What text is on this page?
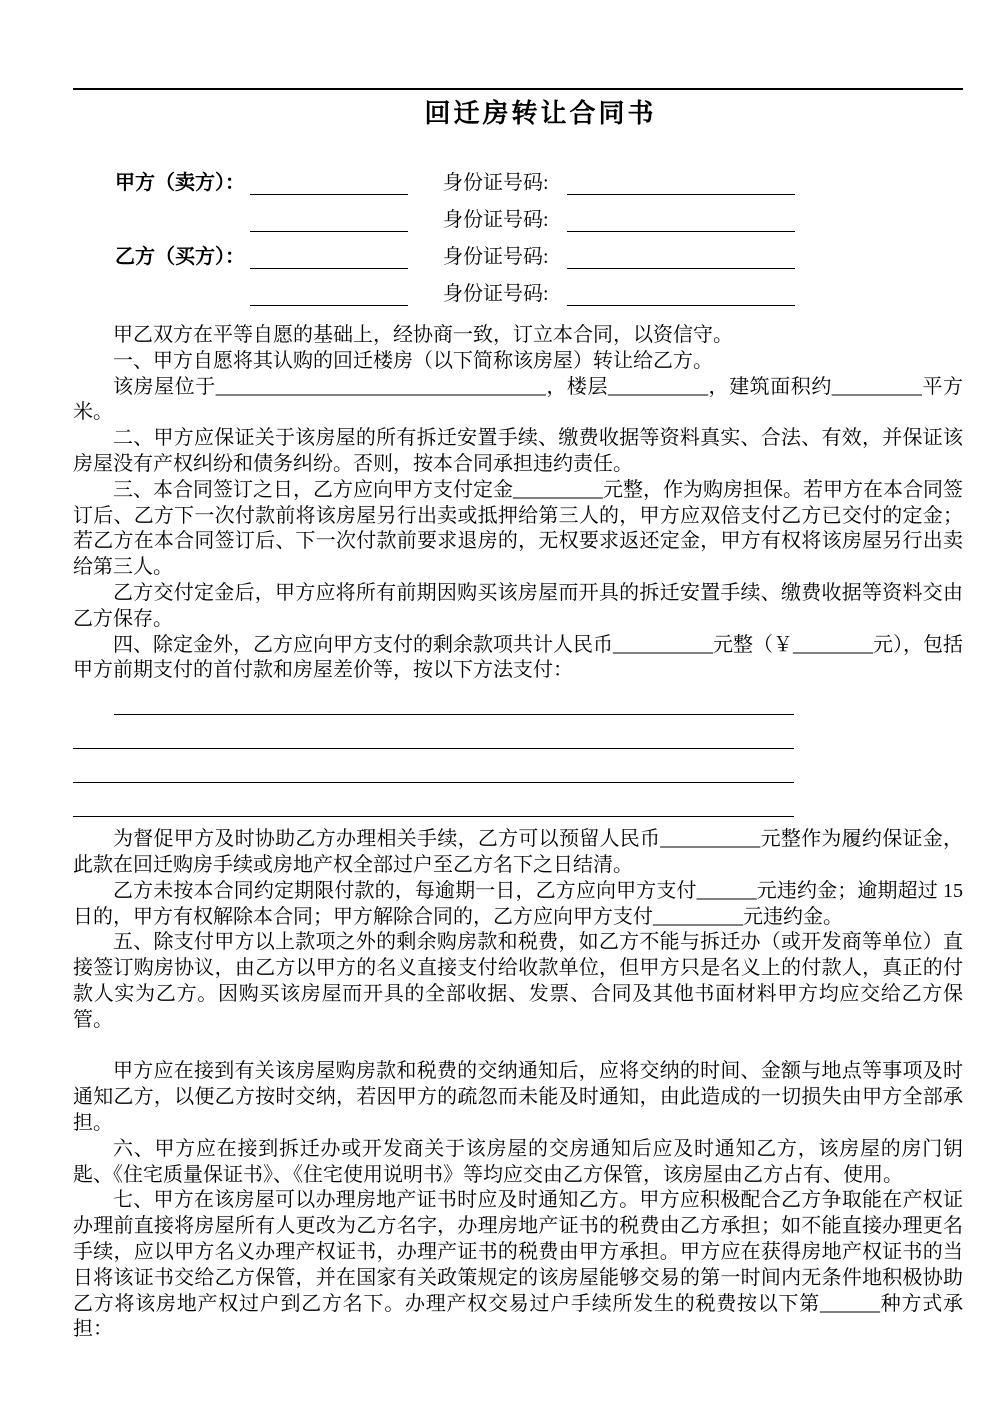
回迁房转让合同书
甲方（卖方）：	身份证号码:
身份证号码:
乙方（买方）：	身份证号码:
身份证号码:

甲乙双方在平等自愿的基础上，经协商一致，订立本合同，以资信守。

一、甲方自愿将其认购的回迁楼房（以下简称该房屋）转让给乙方。

该房屋位于_________________________________，楼层__________，建筑面积约_________平方米。

二、甲方应保证关于该房屋的所有拆迁安置手续、缴费收据等资料真实、合法、有效，并保证该房屋没有产权纠纷和债务纠纷。否则，按本合同承担违约责任。

三、本合同签订之日，乙方应向甲方支付定金_________元整，作为购房担保。若甲方在本合同签订后、乙方下一次付款前将该房屋另行出卖或抵押给第三人的，甲方应双倍支付乙方已交付的定金；若乙方在本合同签订后、下一次付款前要求退房的，无权要求返还定金，甲方有权将该房屋另行出卖给第三人。

乙方交付定金后，甲方应将所有前期因购买该房屋而开具的拆迁安置手续、缴费收据等资料交由乙方保存。

四、除定金外，乙方应向甲方支付的剩余款项共计人民币__________元整（￥________元），包括甲方前期支付的首付款和房屋差价等，按以下方法支付：

为督促甲方及时协助乙方办理相关手续，乙方可以预留人民币__________元整作为履约保证金，此款在回迁购房手续或房地产权全部过户至乙方名下之日结清。

乙方未按本合同约定期限付款的，每逾期一日，乙方应向甲方支付______元违约金；逾期超过 15 日的，甲方有权解除本合同；甲方解除合同的，乙方应向甲方支付_________元违约金。

五、除支付甲方以上款项之外的剩余购房款和税费，如乙方不能与拆迁办（或开发商等单位）直接签订购房协议，由乙方以甲方的名义直接支付给收款单位，但甲方只是名义上的付款人，真正的付款人实为乙方。因购买该房屋而开具的全部收据、发票、合同及其他书面材料甲方均应交给乙方保管。

甲方应在接到有关该房屋购房款和税费的交纳通知后，应将交纳的时间、金额与地点等事项及时通知乙方，以便乙方按时交纳，若因甲方的疏忽而未能及时通知，由此造成的一切损失由甲方全部承担。

六、甲方应在接到拆迁办或开发商关于该房屋的交房通知后应及时通知乙方，该房屋的房门钥匙、《住宅质量保证书》、《住宅使用说明书》等均应交由乙方保管，该房屋由乙方占有、使用。

七、甲方在该房屋可以办理房地产证书时应及时通知乙方。甲方应积极配合乙方争取能在产权证办理前直接将房屋所有人更改为乙方名字，办理房地产证书的税费由乙方承担；如不能直接办理更名手续，应以甲方名义办理产权证书，办理产证书的税费由甲方承担。甲方应在获得房地产权证书的当日将该证书交给乙方保管，并在国家有关政策规定的该房屋能够交易的第一时间内无条件地积极协助乙方将该房地产权过户到乙方名下。办理产权交易过户手续所发生的税费按以下第______种方式承担：
